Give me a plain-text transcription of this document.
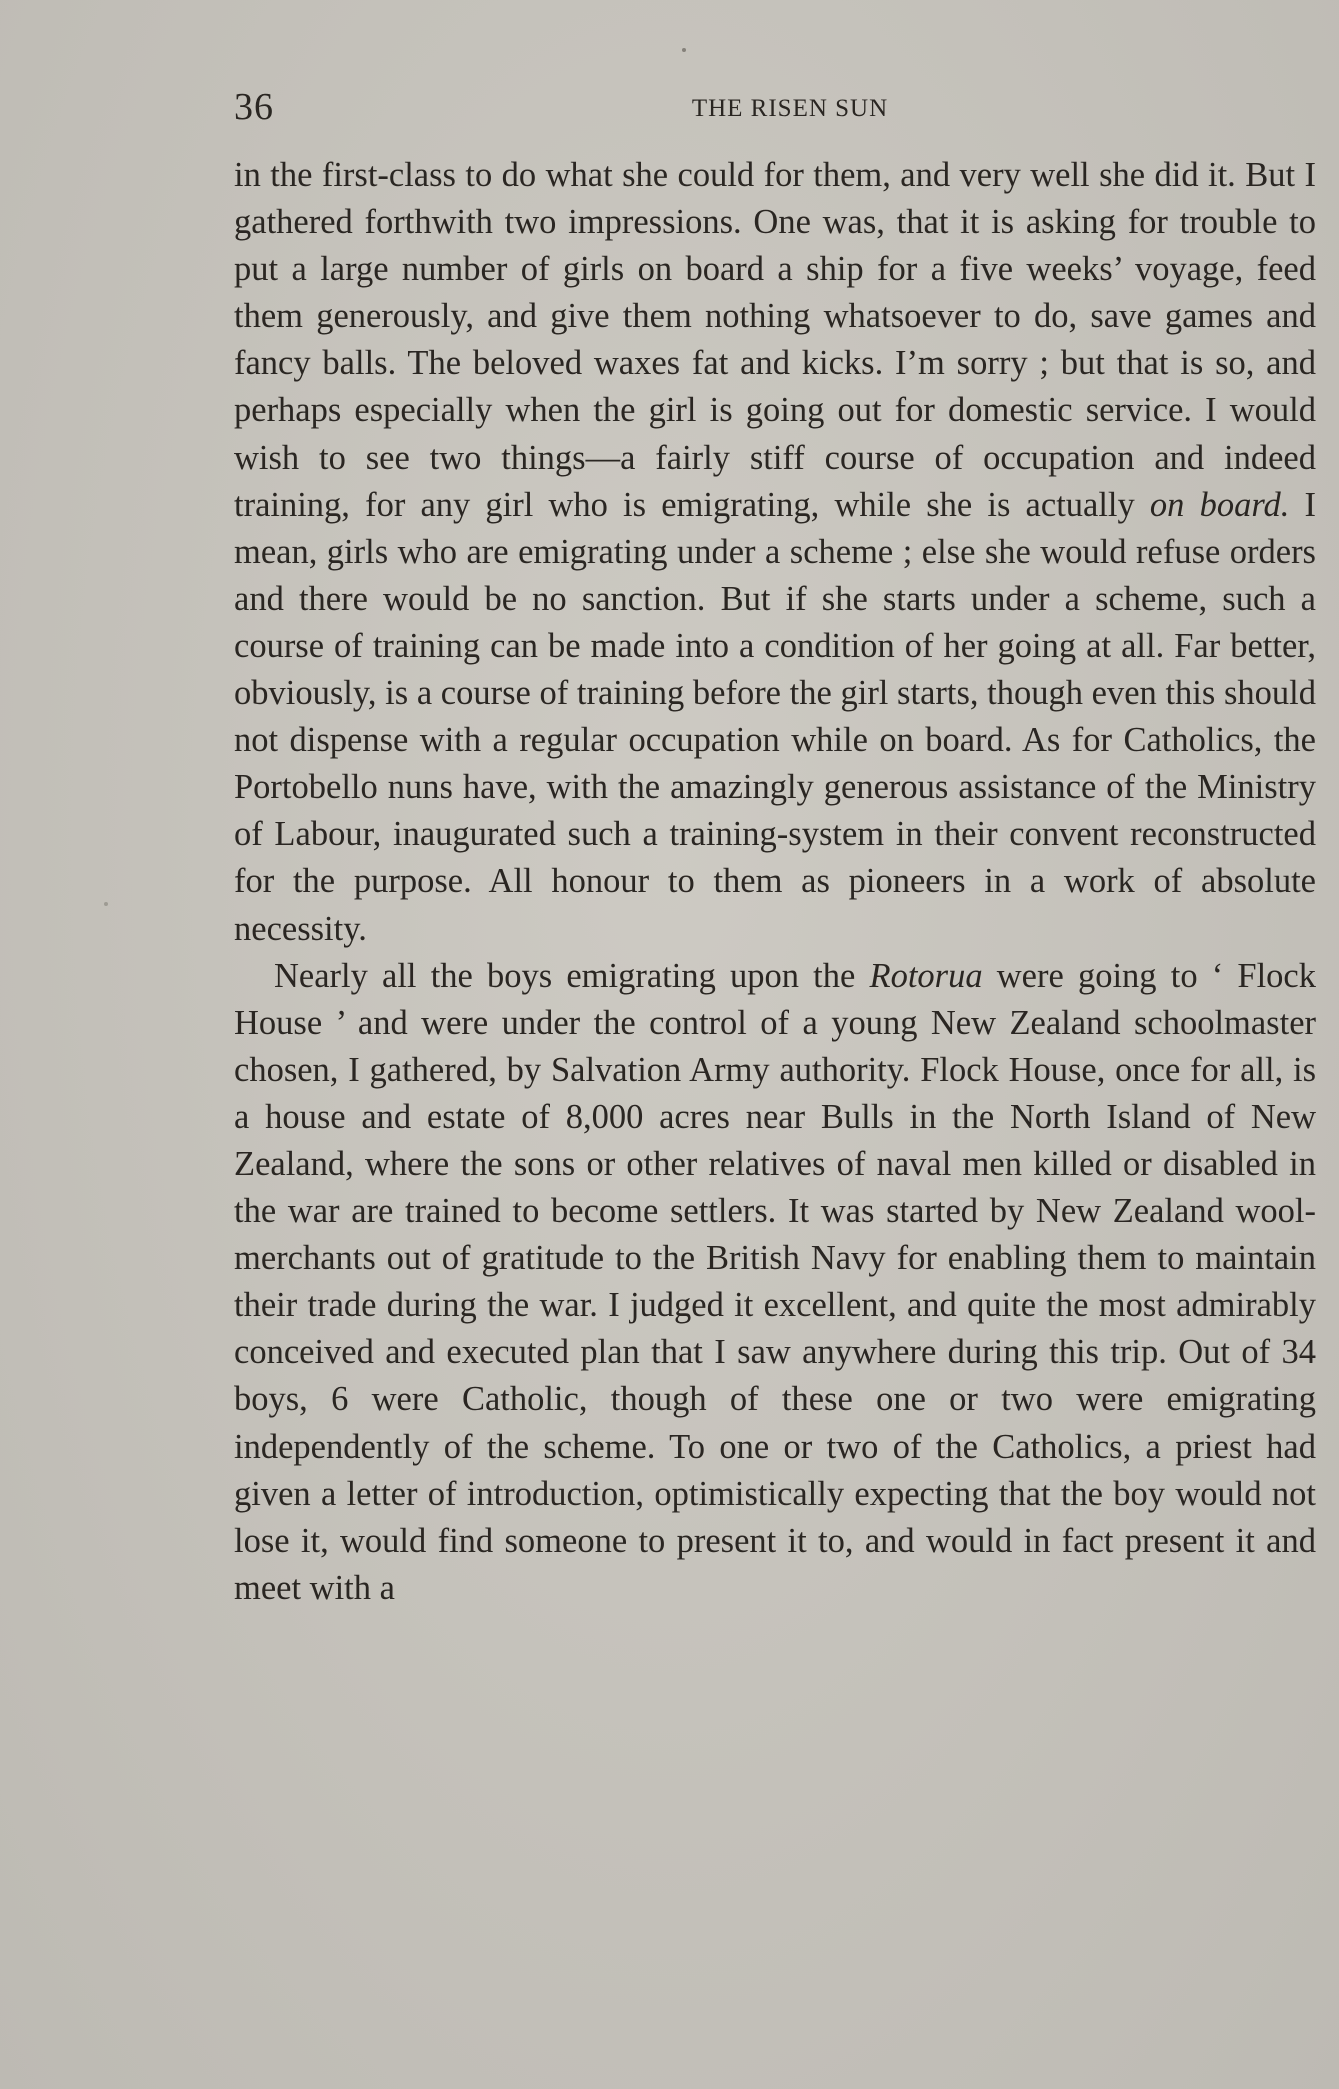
36	THE RISEN SUN

in the first-class to do what she could for them, and very well she did it. But I gathered forthwith two impressions. One was, that it is asking for trouble to put a large number of girls on board a ship for a five weeks’ voyage, feed them generously, and give them nothing whatsoever to do, save games and fancy balls. The beloved waxes fat and kicks. I’m sorry ; but that is so, and perhaps especially when the girl is going out for domestic service. I would wish to see two things—a fairly stiff course of occupation and indeed training, for any girl who is emigrating, while she is actually on board. I mean, girls who are emigrating under a scheme ; else she would refuse orders and there would be no sanction. But if she starts under a scheme, such a course of training can be made into a condition of her going at all. Far better, obviously, is a course of training before the girl starts, though even this should not dispense with a regular occupation while on board. As for Catholics, the Portobello nuns have, with the amazingly generous assistance of the Ministry of Labour, inaugurated such a training-system in their convent reconstructed for the purpose. All honour to them as pioneers in a work of absolute necessity.

Nearly all the boys emigrating upon the Rotorua were going to ‘ Flock House ’ and were under the control of a young New Zealand schoolmaster chosen, I gathered, by Salvation Army authority. Flock House, once for all, is a house and estate of 8,000 acres near Bulls in the North Island of New Zealand, where the sons or other relatives of naval men killed or disabled in the war are trained to become settlers. It was started by New Zealand wool-merchants out of gratitude to the British Navy for enabling them to maintain their trade during the war. I judged it excellent, and quite the most admirably conceived and executed plan that I saw anywhere during this trip. Out of 34 boys, 6 were Catholic, though of these one or two were emigrating independently of the scheme. To one or two of the Catholics, a priest had given a letter of introduction, optimistically expecting that the boy would not lose it, would find someone to present it to, and would in fact present it and meet with a
